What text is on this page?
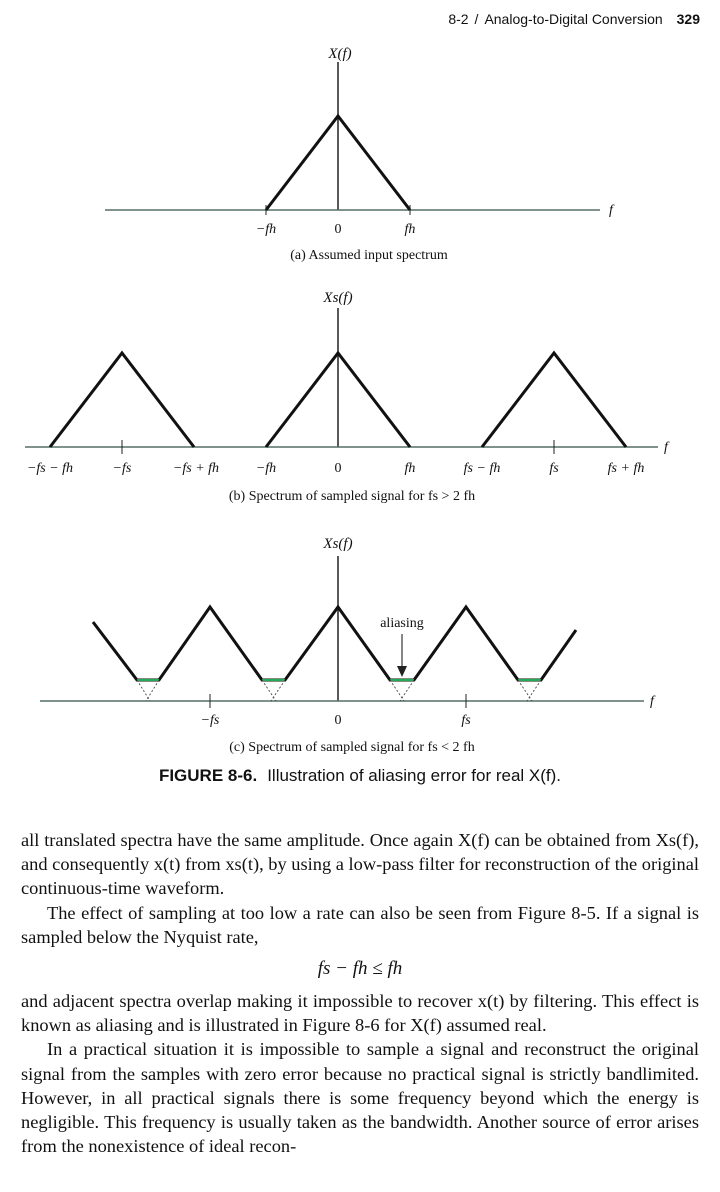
8-2 / Analog-to-Digital Conversion 329
X(f)
f
−fh	0	fh
(a) Assumed input spectrum
Xs(f)
f
−fs − fh	−fs	−fs + fh	−fh	0	fh	fs − fh	fs	fs + fh
(b) Spectrum of sampled signal for fs > 2 fh
aliasing
Xs(f)
f
−fs	0	fs
(c) Spectrum of sampled signal for fs < 2 fh
FIGURE 8-6. Illustration of aliasing error for real X(f).

all translated spectra have the same amplitude. Once again X(f) can be obtained from Xs(f), and consequently x(t) from xs(t), by using a low-pass filter for reconstruction of the original continuous-time waveform.

The effect of sampling at too low a rate can also be seen from Figure 8-5. If a signal is sampled below the Nyquist rate,

fs − fh ≤ fh

and adjacent spectra overlap making it impossible to recover x(t) by filtering. This effect is known as aliasing and is illustrated in Figure 8-6 for X(f) assumed real.

In a practical situation it is impossible to sample a signal and reconstruct the original signal from the samples with zero error because no practical signal is strictly bandlimited. However, in all practical signals there is some frequency beyond which the energy is negligible. This frequency is usually taken as the bandwidth. Another source of error arises from the nonexistence of ideal recon-
